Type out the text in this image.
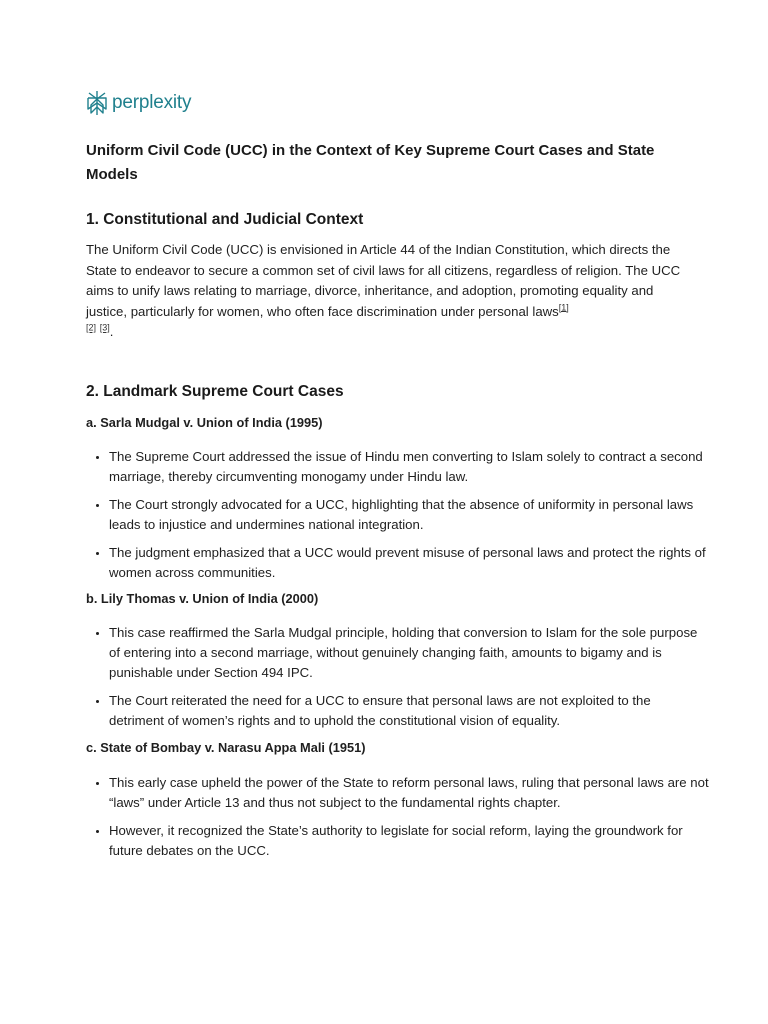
perplexity
Uniform Civil Code (UCC) in the Context of Key Supreme Court Cases and State Models
1. Constitutional and Judicial Context

The Uniform Civil Code (UCC) is envisioned in Article 44 of the Indian Constitution, which directs the State to endeavor to secure a common set of civil laws for all citizens, regardless of religion. The UCC aims to unify laws relating to marriage, divorce, inheritance, and adoption, promoting equality and justice, particularly for women, who often face discrimination under personal laws[1]
[2] [3].

2. Landmark Supreme Court Cases
a. Sarla Mudgal v. Union of India (1995)
• The Supreme Court addressed the issue of Hindu men converting to Islam solely to contract a second marriage, thereby circumventing monogamy under Hindu law.
• The Court strongly advocated for a UCC, highlighting that the absence of uniformity in personal laws leads to injustice and undermines national integration.
• The judgment emphasized that a UCC would prevent misuse of personal laws and protect the rights of women across communities.
b. Lily Thomas v. Union of India (2000)
• This case reaffirmed the Sarla Mudgal principle, holding that conversion to Islam for the sole purpose of entering into a second marriage, without genuinely changing faith, amounts to bigamy and is punishable under Section 494 IPC.
• The Court reiterated the need for a UCC to ensure that personal laws are not exploited to the detriment of women’s rights and to uphold the constitutional vision of equality.
c. State of Bombay v. Narasu Appa Mali (1951)
• This early case upheld the power of the State to reform personal laws, ruling that personal laws are not “laws” under Article 13 and thus not subject to the fundamental rights chapter.
• However, it recognized the State’s authority to legislate for social reform, laying the groundwork for future debates on the UCC.
